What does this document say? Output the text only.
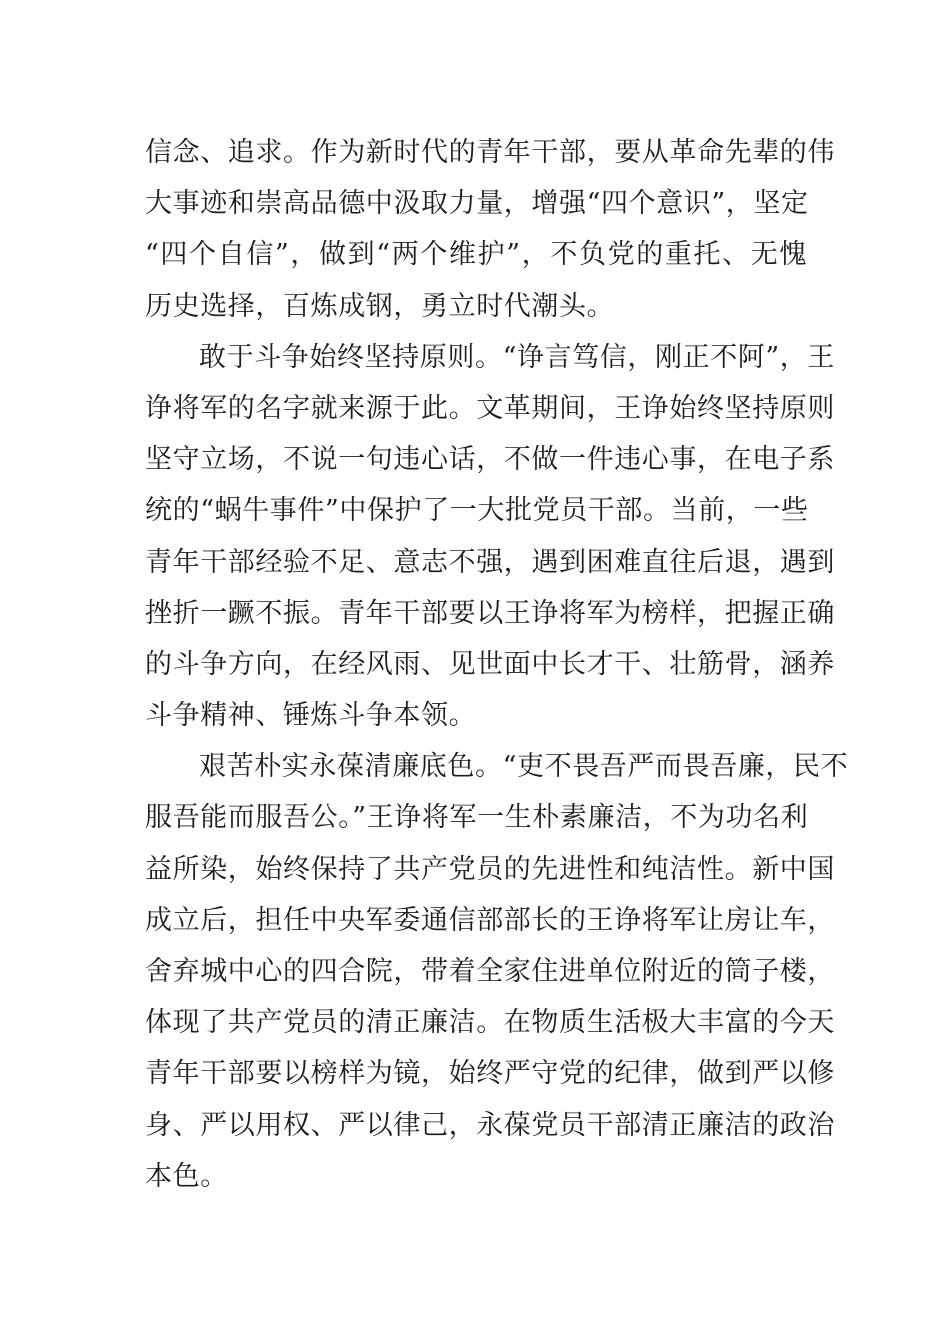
信念、追求。作为新时代的青年干部，要从革命先辈的伟
大事迹和崇高品德中汲取力量，增强“四个意识”，坚定
“四个自信”，做到“两个维护”，不负党的重托、无愧
历史选择，百炼成钢，勇立时代潮头。
敢于斗争始终坚持原则。“诤言笃信，刚正不阿”，王
诤将军的名字就来源于此。文革期间，王诤始终坚持原则
坚守立场，不说一句违心话，不做一件违心事，在电子系
统的“蜗牛事件”中保护了一大批党员干部。当前，一些
青年干部经验不足、意志不强，遇到困难直往后退，遇到
挫折一蹶不振。青年干部要以王诤将军为榜样，把握正确
的斗争方向，在经风雨、见世面中长才干、壮筋骨，涵养
斗争精神、锤炼斗争本领。
艰苦朴实永葆清廉底色。“吏不畏吾严而畏吾廉，民不
服吾能而服吾公。”王诤将军一生朴素廉洁，不为功名利
益所染，始终保持了共产党员的先进性和纯洁性。新中国
成立后，担任中央军委通信部部长的王诤将军让房让车，
舍弃城中心的四合院，带着全家住进单位附近的筒子楼，
体现了共产党员的清正廉洁。在物质生活极大丰富的今天
青年干部要以榜样为镜，始终严守党的纪律，做到严以修
身、严以用权、严以律己，永葆党员干部清正廉洁的政治
本色。
